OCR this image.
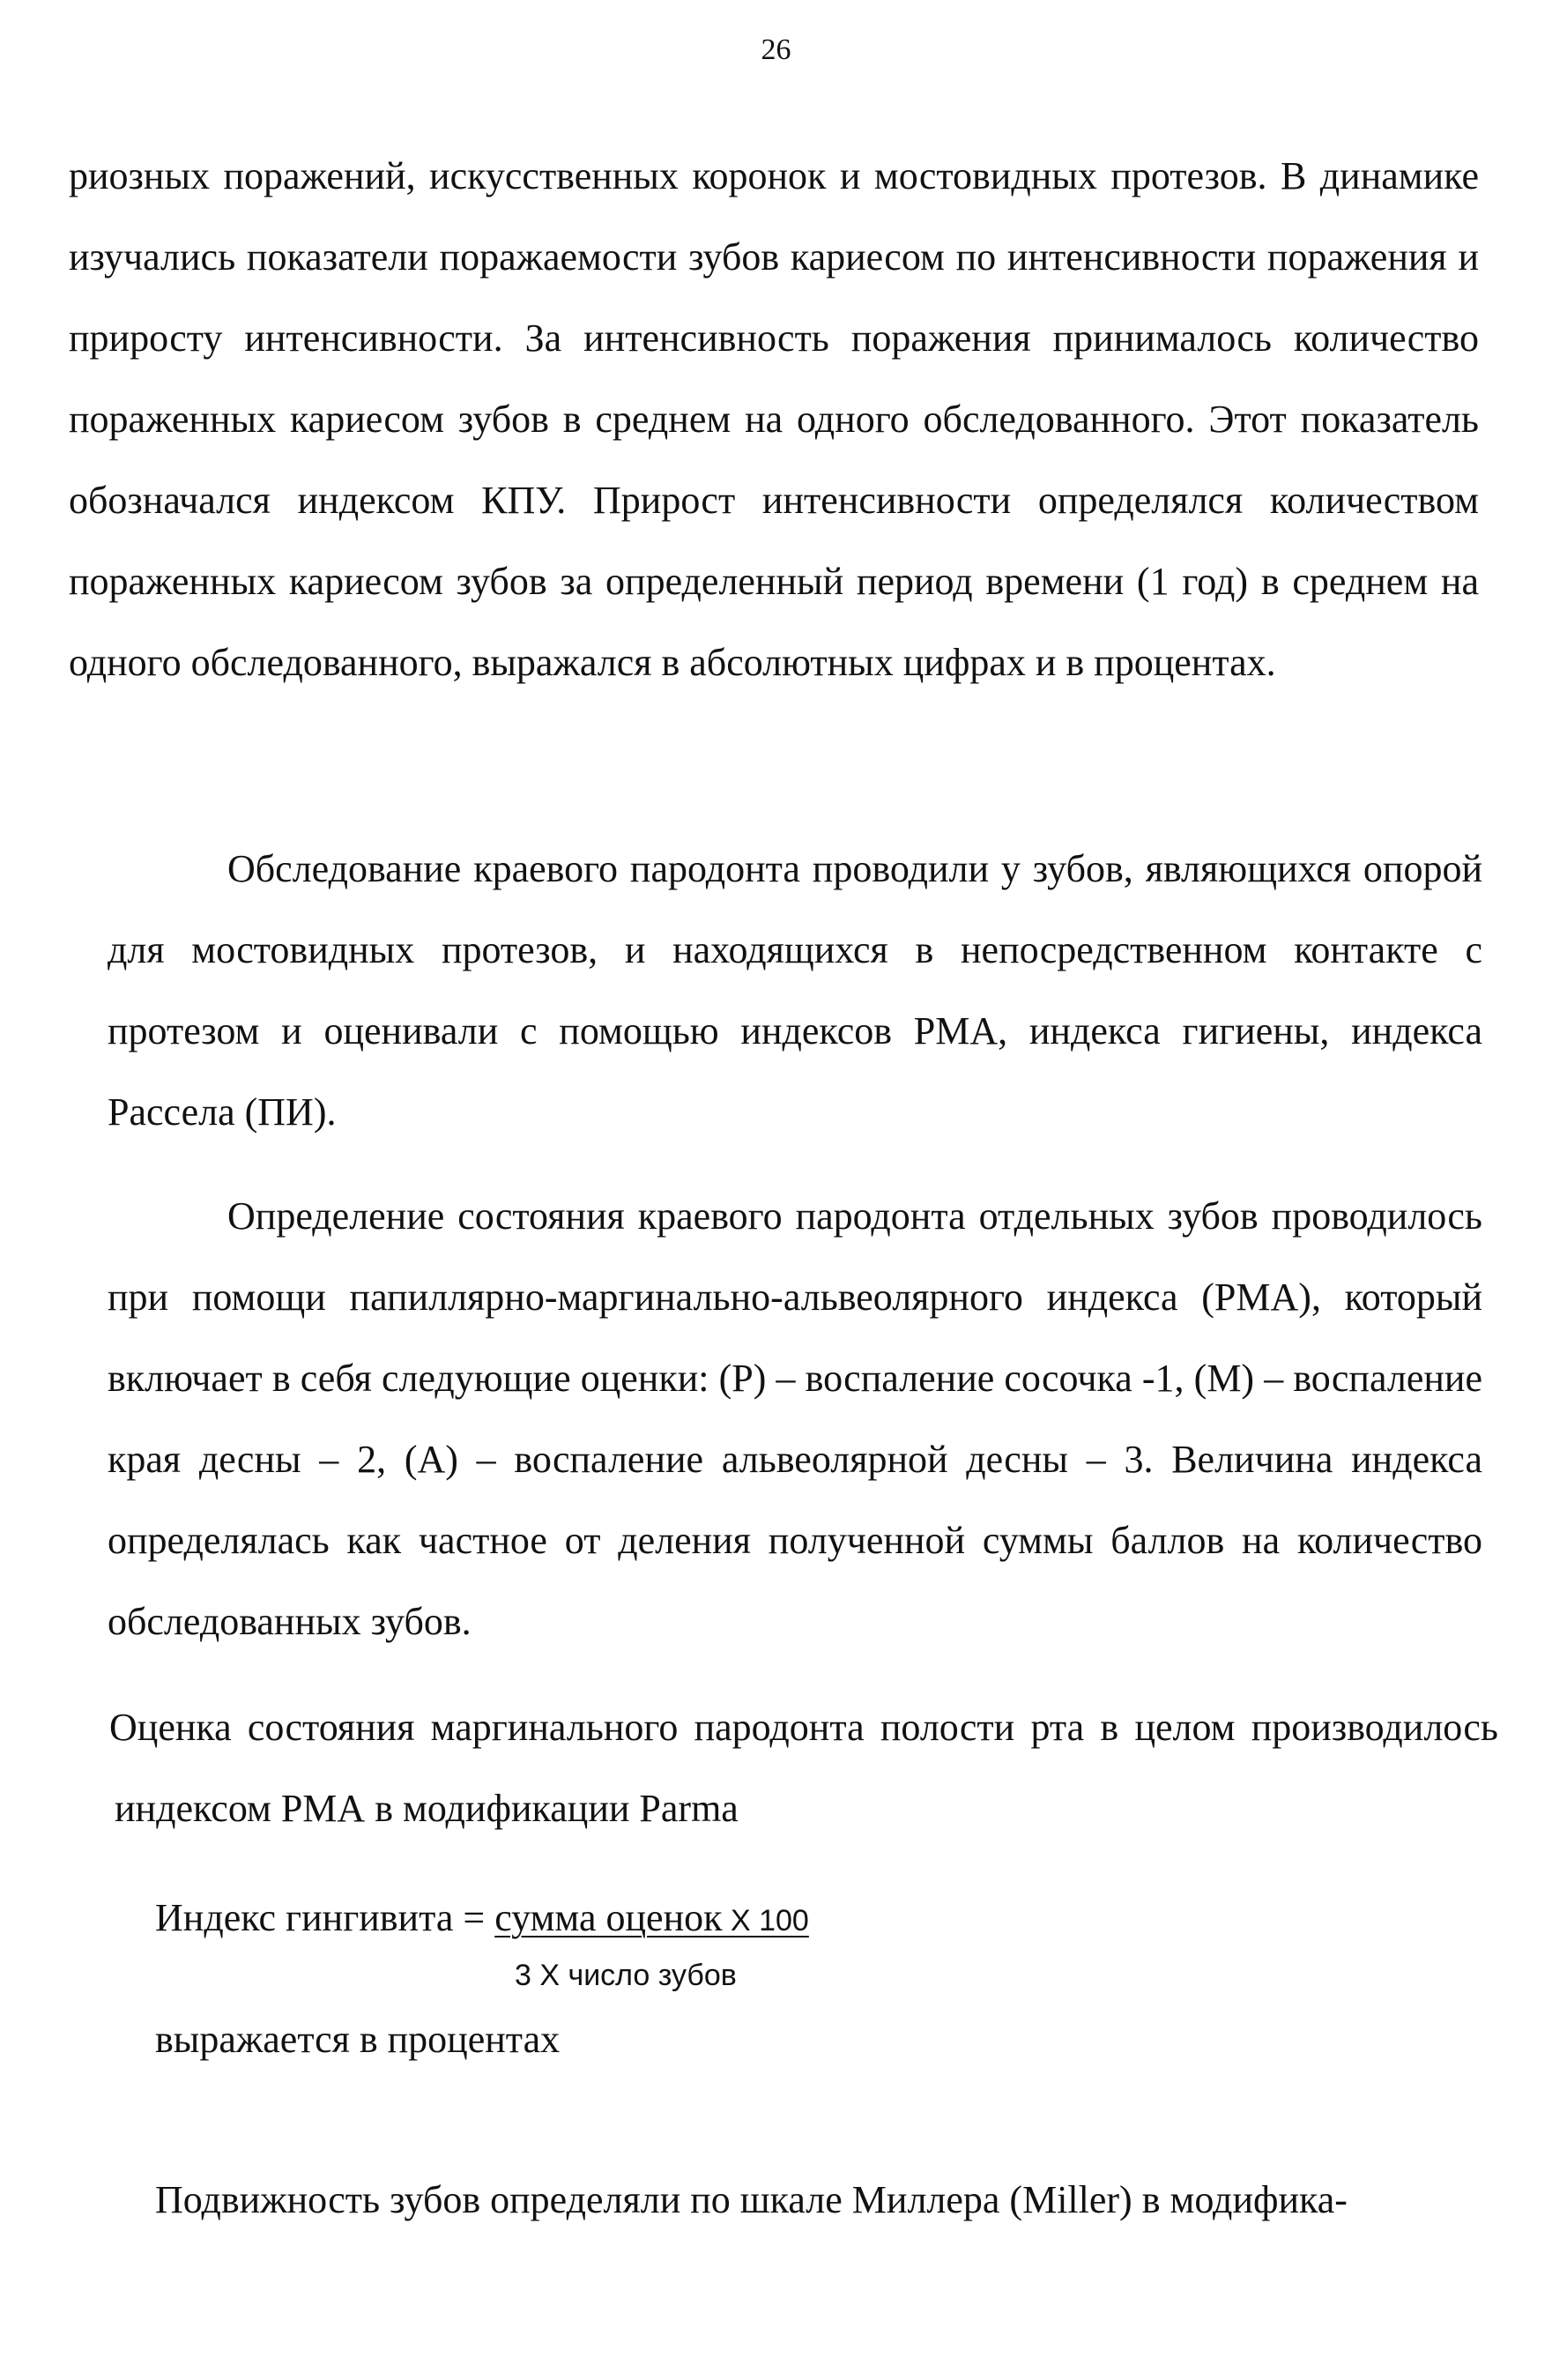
26

риозных поражений, искусственных коронок и мостовидных протезов. В динамике изучались показатели поражаемости зубов кариесом по интенсивности поражения и приросту интенсивности. За интенсивность поражения принималось количество пораженных кариесом зубов в среднем на одного обследованного. Этот показатель обозначался индексом КПУ. Прирост интенсивности определялся количеством пораженных кариесом зубов за определенный период времени (1 год) в среднем на одного обследованного, выражался в абсолютных цифрах и в процентах.

Обследование краевого пародонта проводили у зубов, являющихся опорой для мостовидных протезов, и находящихся в непосредственном контакте с протезом и оценивали с помощью индексов РМА, индекса гигиены, индекса Рассела (ПИ).

Определение состояния краевого пародонта отдельных зубов проводилось при помощи папиллярно-маргинально-альвеолярного индекса (РМА), который включает в себя следующие оценки: (Р) – воспаление сосочка -1, (М) – воспаление края десны – 2, (А) – воспаление альвеолярной десны – 3. Величина индекса определялась как частное от деления полученной суммы баллов на количество обследованных зубов.

Оценка состояния маргинального пародонта полости рта в целом производилось индексом РМА в модификации Parma

Индекс гингивита = сумма оценок X 100
3 X число зубов
выражается в процентах

Подвижность зубов определяли по шкале Миллера (Miller) в модифика-
